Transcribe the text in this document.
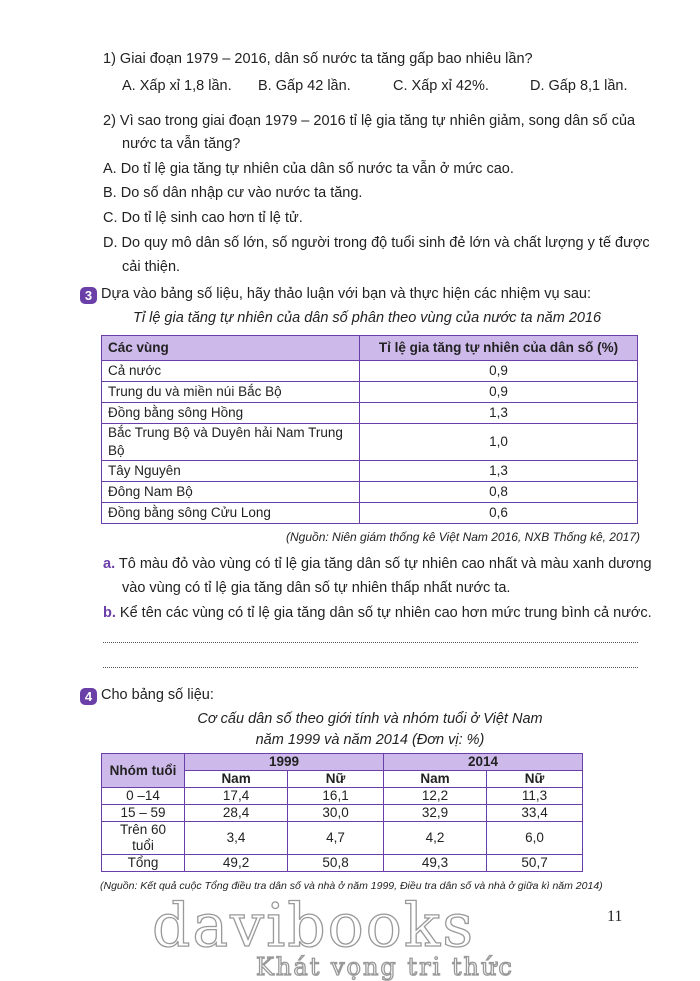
1) Giai đoạn 1979 – 2016, dân số nước ta tăng gấp bao nhiêu lần?
A. Xấp xỉ 1,8 lần. B. Gấp 42 lần.	C. Xấp xỉ 42%.	D. Gấp 8,1 lần.
2) Vì sao trong giai đoạn 1979 – 2016 tỉ lệ gia tăng tự nhiên giảm, song dân số của
nước ta vẫn tăng?
A. Do tỉ lệ gia tăng tự nhiên của dân số nước ta vẫn ở mức cao.
B. Do số dân nhập cư vào nước ta tăng.
C. Do tỉ lệ sinh cao hơn tỉ lệ tử.
D. Do quy mô dân số lớn, số người trong độ tuổi sinh đẻ lớn và chất lượng y tế được
cải thiện.
3 Dựa vào bảng số liệu, hãy thảo luận với bạn và thực hiện các nhiệm vụ sau:
Tỉ lệ gia tăng tự nhiên của dân số phân theo vùng của nước ta năm 2016
Các vùng	Tỉ lệ gia tăng tự nhiên của dân số (%)
Cả nước	0,9
Trung du và miền núi Bắc Bộ	0,9
Đồng bằng sông Hồng	1,3
Bắc Trung Bộ và Duyên hải Nam Trung Bộ	1,0
Tây Nguyên	1,3
Đông Nam Bộ	0,8
Đồng bằng sông Cửu Long	0,6
(Nguồn: Niên giám thống kê Việt Nam 2016, NXB Thống kê, 2017)
a. Tô màu đỏ vào vùng có tỉ lệ gia tăng dân số tự nhiên cao nhất và màu xanh dương
vào vùng có tỉ lệ gia tăng dân số tự nhiên thấp nhất nước ta.
b. Kể tên các vùng có tỉ lệ gia tăng dân số tự nhiên cao hơn mức trung bình cả nước.
4 Cho bảng số liệu:
Cơ cấu dân số theo giới tính và nhóm tuổi ở Việt Nam
năm 1999 và năm 2014 (Đơn vị: %)
Nhóm tuổi	1999		2014	
	Nam	Nữ	Nam	Nữ
0 –14	17,4	16,1	12,2	11,3
15 – 59	28,4	30,0	32,9	33,4
Trên 60 tuổi	3,4	4,7	4,2	6,0
Tổng	49,2	50,8	49,3	50,7
(Nguồn: Kết quả cuộc Tổng điều tra dân số và nhà ở năm 1999, Điều tra dân số và nhà ở giữa kì năm 2014)
davibooks
Khát vọng tri thức
11
